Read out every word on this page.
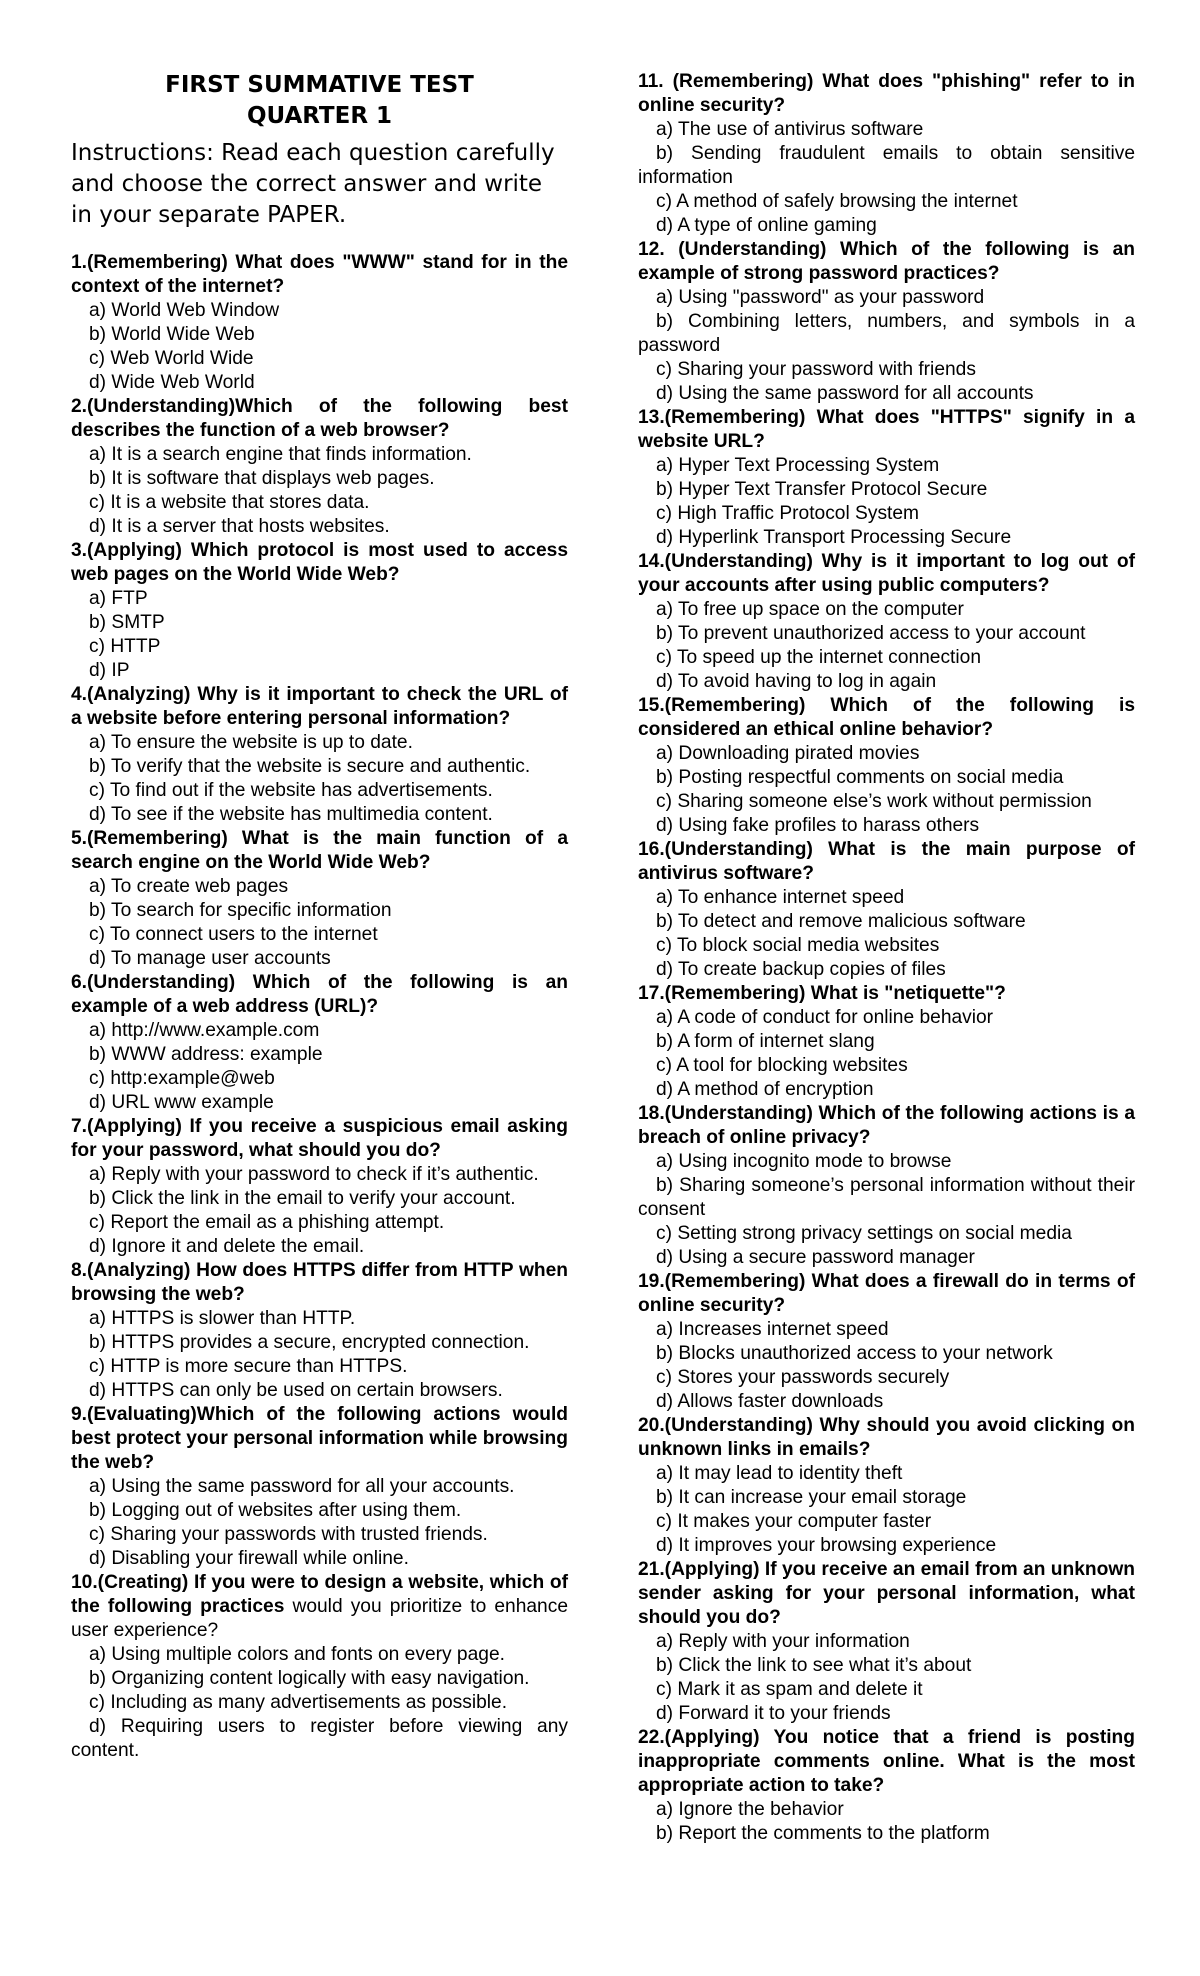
FIRST SUMMATIVE TEST
QUARTER 1
Instructions: Read each question carefully and choose the correct answer and write in your separate PAPER.
1.(Remembering) What does "WWW" stand for in the context of the internet?
a) World Web Window
b) World Wide Web
c) Web World Wide
d) Wide Web World
2.(Understanding)Which of the following best describes the function of a web browser?
a) It is a search engine that finds information.
b) It is software that displays web pages.
c) It is a website that stores data.
d) It is a server that hosts websites.
3.(Applying) Which protocol is most used to access web pages on the World Wide Web?
a) FTP
b) SMTP
c) HTTP
d) IP
4.(Analyzing) Why is it important to check the URL of a website before entering personal information?
a) To ensure the website is up to date.
b) To verify that the website is secure and authentic.
c) To find out if the website has advertisements.
d) To see if the website has multimedia content.
5.(Remembering) What is the main function of a search engine on the World Wide Web?
a) To create web pages
b) To search for specific information
c) To connect users to the internet
d) To manage user accounts
6.(Understanding) Which of the following is an example of a web address (URL)?
a) http://www.example.com
b) WWW address: example
c) http:example@web
d) URL www example
7.(Applying) If you receive a suspicious email asking for your password, what should you do?
a) Reply with your password to check if it’s authentic.
b) Click the link in the email to verify your account.
c) Report the email as a phishing attempt.
d) Ignore it and delete the email.
8.(Analyzing) How does HTTPS differ from HTTP when browsing the web?
a) HTTPS is slower than HTTP.
b) HTTPS provides a secure, encrypted connection.
c) HTTP is more secure than HTTPS.
d) HTTPS can only be used on certain browsers.
9.(Evaluating)Which of the following actions would best protect your personal information while browsing the web?
a) Using the same password for all your accounts.
b) Logging out of websites after using them.
c) Sharing your passwords with trusted friends.
d) Disabling your firewall while online.
10.(Creating) If you were to design a website, which of the following practices would you prioritize to enhance user experience?
a) Using multiple colors and fonts on every page.
b) Organizing content logically with easy navigation.
c) Including as many advertisements as possible.
d) Requiring users to register before viewing any content.
11. (Remembering) What does "phishing" refer to in online security?
a) The use of antivirus software
b) Sending fraudulent emails to obtain sensitive information
c) A method of safely browsing the internet
d) A type of online gaming
12. (Understanding) Which of the following is an example of strong password practices?
a) Using "password" as your password
b) Combining letters, numbers, and symbols in a password
c) Sharing your password with friends
d) Using the same password for all accounts
13.(Remembering) What does "HTTPS" signify in a website URL?
a) Hyper Text Processing System
b) Hyper Text Transfer Protocol Secure
c) High Traffic Protocol System
d) Hyperlink Transport Processing Secure
14.(Understanding) Why is it important to log out of your accounts after using public computers?
a) To free up space on the computer
b) To prevent unauthorized access to your account
c) To speed up the internet connection
d) To avoid having to log in again
15.(Remembering) Which of the following is considered an ethical online behavior?
a) Downloading pirated movies
b) Posting respectful comments on social media
c) Sharing someone else’s work without permission
d) Using fake profiles to harass others
16.(Understanding) What is the main purpose of antivirus software?
a) To enhance internet speed
b) To detect and remove malicious software
c) To block social media websites
d) To create backup copies of files
17.(Remembering) What is "netiquette"?
a) A code of conduct for online behavior
b) A form of internet slang
c) A tool for blocking websites
d) A method of encryption
18.(Understanding) Which of the following actions is a breach of online privacy?
a) Using incognito mode to browse
b) Sharing someone’s personal information without their consent
c) Setting strong privacy settings on social media
d) Using a secure password manager
19.(Remembering) What does a firewall do in terms of online security?
a) Increases internet speed
b) Blocks unauthorized access to your network
c) Stores your passwords securely
d) Allows faster downloads
20.(Understanding) Why should you avoid clicking on unknown links in emails?
a) It may lead to identity theft
b) It can increase your email storage
c) It makes your computer faster
d) It improves your browsing experience
21.(Applying) If you receive an email from an unknown sender asking for your personal information, what should you do?
a) Reply with your information
b) Click the link to see what it’s about
c) Mark it as spam and delete it
d) Forward it to your friends
22.(Applying) You notice that a friend is posting inappropriate comments online. What is the most appropriate action to take?
a) Ignore the behavior
b) Report the comments to the platform
